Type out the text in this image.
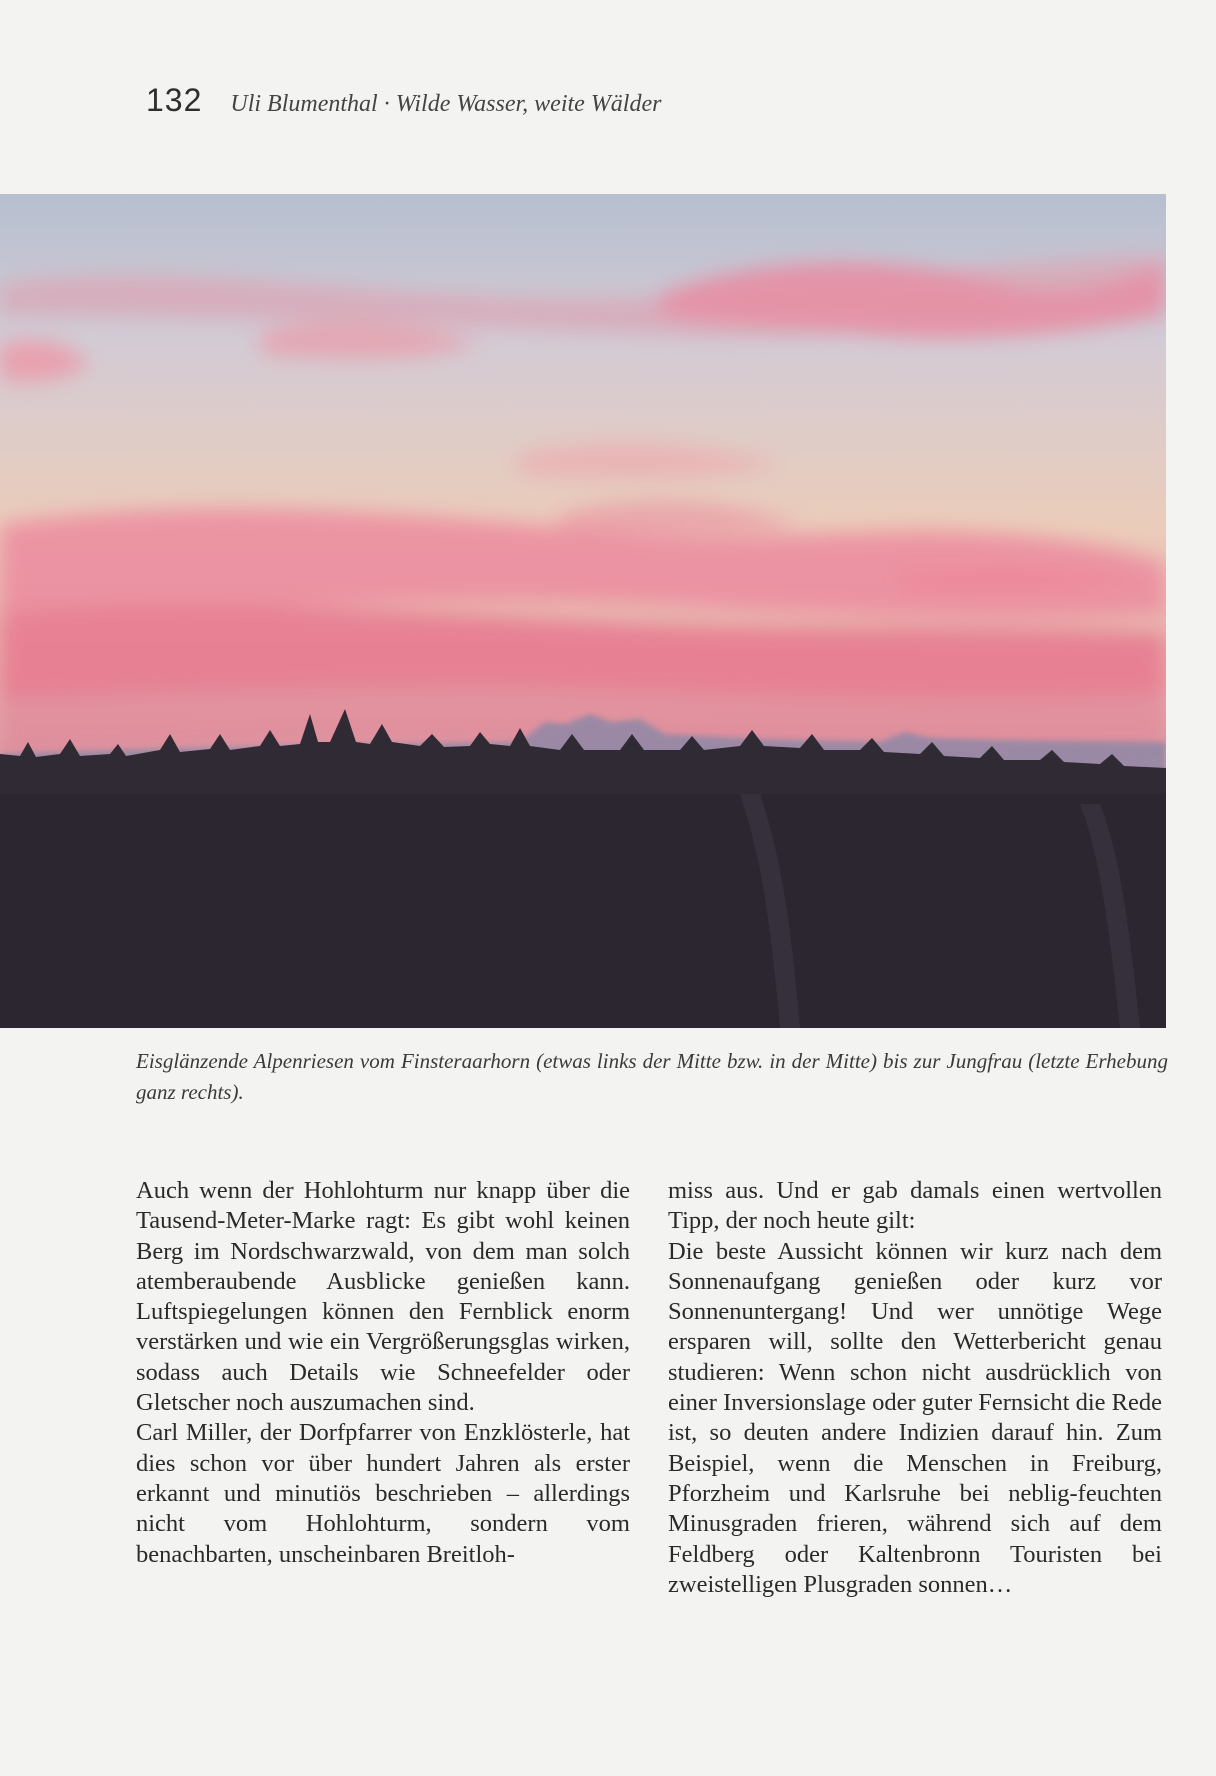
132 Uli Blumenthal · Wilde Wasser, weite Wälder
Eisglänzende Alpenriesen vom Finsteraarhorn (etwas links der Mitte bzw. in der Mitte) bis zur Jungfrau (letzte Erhebung ganz rechts).

Auch wenn der Hohlohturm nur knapp über die Tausend-Meter-Marke ragt: Es gibt wohl keinen Berg im Nordschwarzwald, von dem man solch atemberaubende Ausblicke genießen kann. Luftspiegelungen können den Fernblick enorm verstärken und wie ein Vergrößerungsglas wirken, sodass auch Details wie Schneefelder oder Gletscher noch auszumachen sind.

Carl Miller, der Dorfpfarrer von Enzklösterle, hat dies schon vor über hundert Jahren als erster erkannt und minutiös beschrieben – allerdings nicht vom Hohlohturm, sondern vom benachbarten, unscheinbaren Breitloh-

miss aus. Und er gab damals einen wertvollen Tipp, der noch heute gilt:

Die beste Aussicht können wir kurz nach dem Sonnenaufgang genießen oder kurz vor Sonnenuntergang! Und wer unnötige Wege ersparen will, sollte den Wetterbericht genau studieren: Wenn schon nicht ausdrücklich von einer Inversionslage oder guter Fernsicht die Rede ist, so deuten andere Indizien darauf hin. Zum Beispiel, wenn die Menschen in Freiburg, Pforzheim und Karlsruhe bei neblig-feuchten Minusgraden frieren, während sich auf dem Feldberg oder Kaltenbronn Touristen bei zweistelligen Plusgraden sonnen…
